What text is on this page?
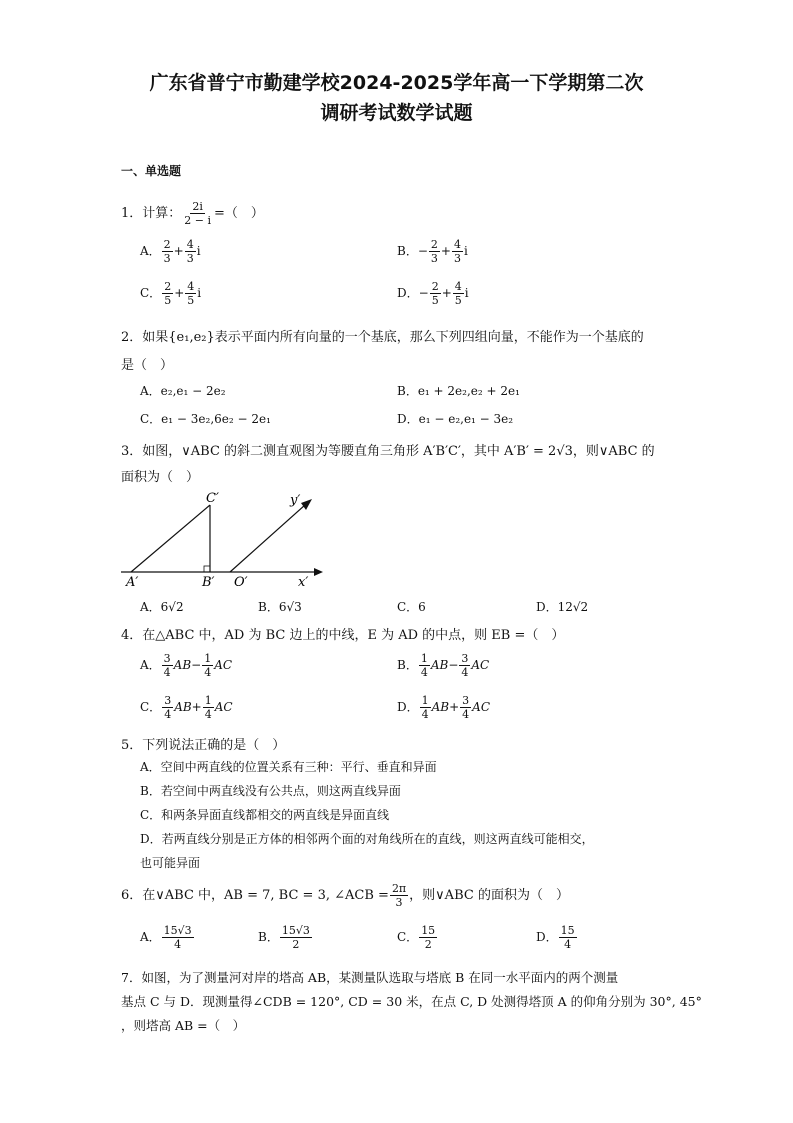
广东省普宁市勤建学校2024-2025学年高一下学期第二次
调研考试数学试题
一、单选题
1．计算： $\frac{2i}{2 - i}$ =（　）
A． $\frac{2}{3} + \frac{4}{3}$ i	B．− $\frac{2}{3} + \frac{4}{3}$ i
C． $\frac{2}{5} + \frac{4}{5}$ i	D．− $\frac{2}{5} + \frac{4}{5}$ i
2．如果{e₁,e₂}表示平面内所有向量的一个基底，那么下列四组向量，不能作为一个基底的
是（　）
A．e₂,e₁ − 2e₂	B．e₁ + 2e₂,e₂ + 2e₁
C．e₁ − 3e₂,6e₂ − 2e₁	D．e₁ − e₂,e₁ − 3e₂
3．如图，∨ABC 的斜二测直观图为等腰直角三角形 A′B′C′，其中 A′B′ = 2√3，则∨ABC 的
面积为（　）
C′	y′
A′	B′ O′	x′
A．6√2	B．6√3	C．6	D．12√2
4．在△ABC 中，AD 为 BC 边上的中线，E 为 AD 的中点，则 EB =（　）
A． $\frac{3}{4} AB- \frac{1}{4}$ AC	B． $\frac{1}{4} AB- \frac{3}{4}$ AC
C． $\frac{3}{4} AB+ \frac{1}{4}$ AC	D． $\frac{1}{4} AB+ \frac{3}{4}$ AC
5．下列说法正确的是（　）
A．空间中两直线的位置关系有三种：平行、垂直和异面
B．若空间中两直线没有公共点，则这两直线异面
C．和两条异面直线都相交的两直线是异面直线
D．若两直线分别是正方体的相邻两个面的对角线所在的直线，则这两直线可能相交，
也可能异面
6．在∨ABC 中，AB = 7, BC = 3, ∠ACB = $\frac{2\pi}{3}$ ，则∨ABC 的面积为（　）
A． $\frac{15√3}{4}$	B． $\frac{15√3}{2}$	C． $\frac{15}{2}$	D． $\frac{15}{4}$
7．如图，为了测量河对岸的塔高 AB，某测量队选取与塔底 B 在同一水平面内的两个测量
基点 C 与 D．现测量得∠CDB = 120°, CD = 30 米，在点 C, D 处测得塔顶 A 的仰角分别为 30°, 45°
，则塔高 AB =（　）
